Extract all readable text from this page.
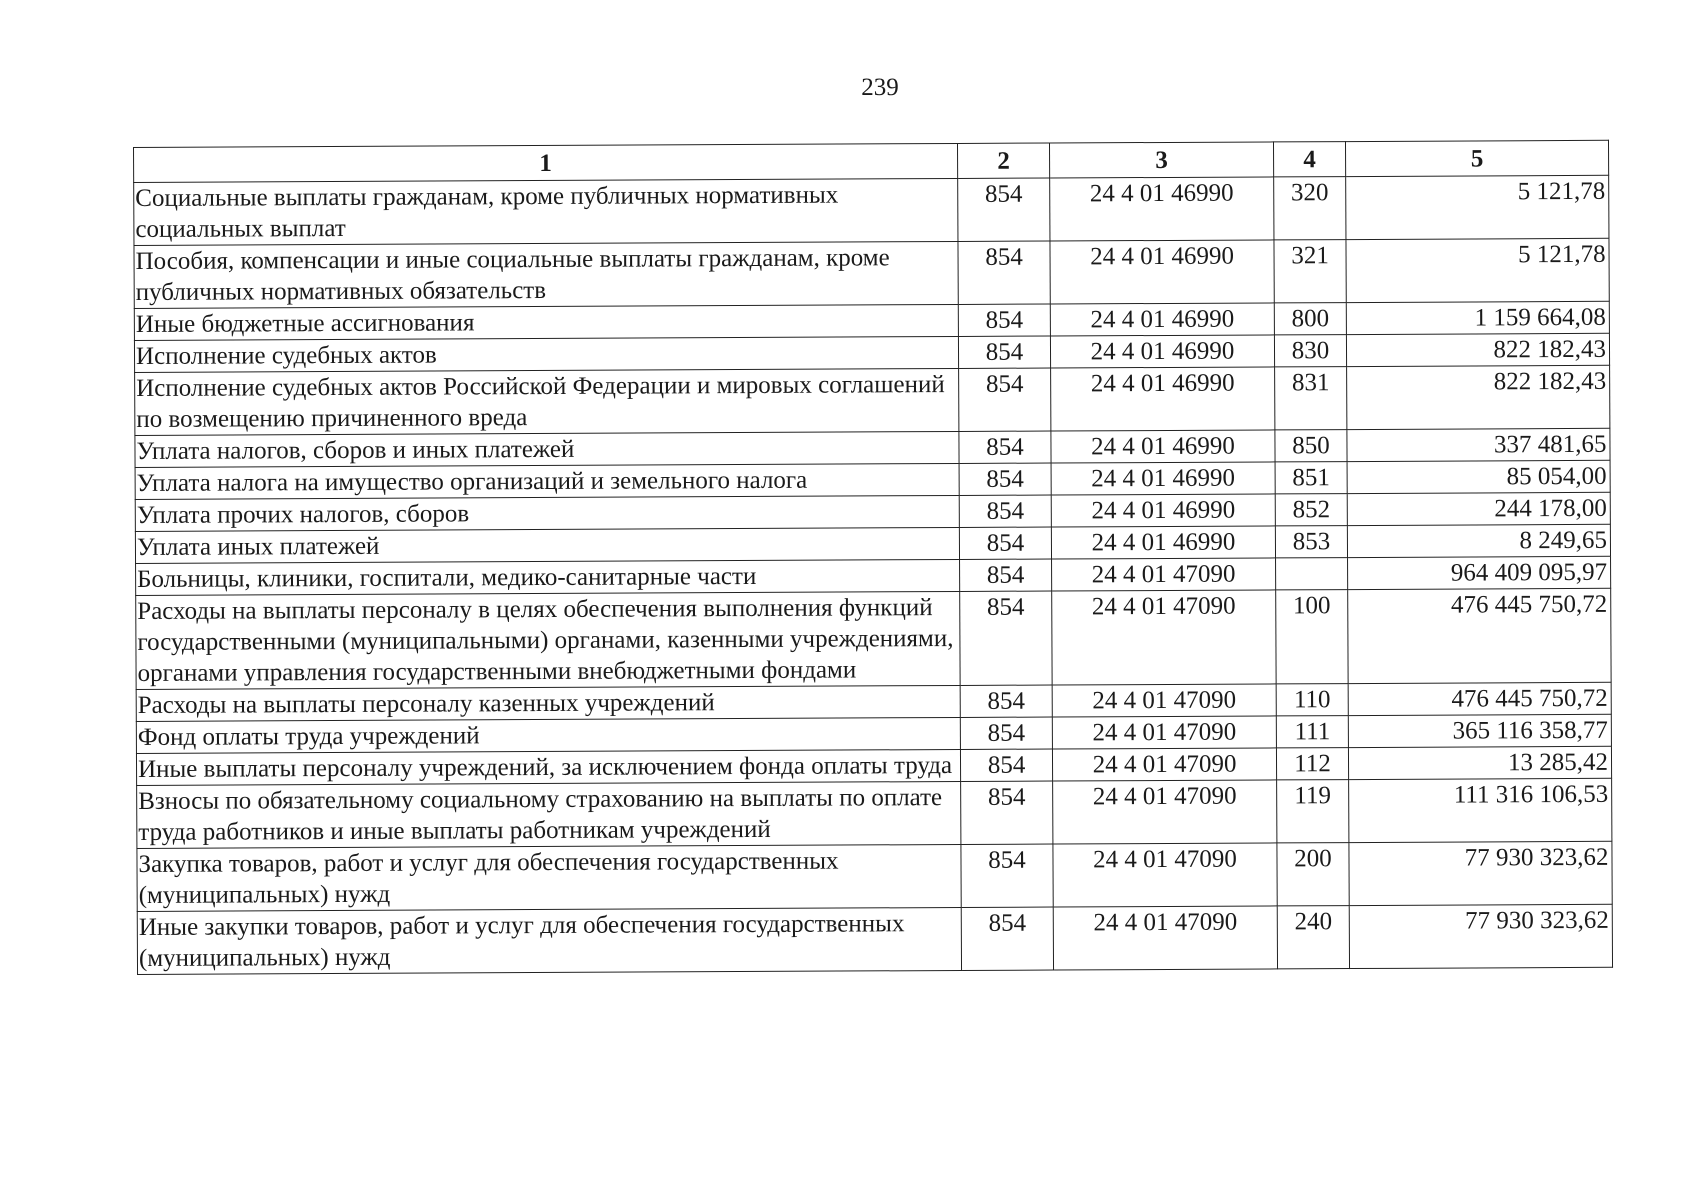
239
1	2	3	4	5
Социальные выплаты гражданам, кроме публичных нормативных социальных выплат	854	24 4 01 46990	320	5 121,78
Пособия, компенсации и иные социальные выплаты гражданам, кроме публичных нормативных обязательств	854	24 4 01 46990	321	5 121,78
Иные бюджетные ассигнования	854	24 4 01 46990	800	1 159 664,08
Исполнение судебных актов	854	24 4 01 46990	830	822 182,43
Исполнение судебных актов Российской Федерации и мировых соглашений по возмещению причиненного вреда	854	24 4 01 46990	831	822 182,43
Уплата налогов, сборов и иных платежей	854	24 4 01 46990	850	337 481,65
Уплата налога на имущество организаций и земельного налога	854	24 4 01 46990	851	85 054,00
Уплата прочих налогов, сборов	854	24 4 01 46990	852	244 178,00
Уплата иных платежей	854	24 4 01 46990	853	8 249,65
Больницы, клиники, госпитали, медико-санитарные части	854	24 4 01 47090		964 409 095,97
Расходы на выплаты персоналу в целях обеспечения выполнения функций государственными (муниципальными) органами, казенными учреждениями, органами управления государственными внебюджетными фондами	854	24 4 01 47090	100	476 445 750,72
Расходы на выплаты персоналу казенных учреждений	854	24 4 01 47090	110	476 445 750,72
Фонд оплаты труда учреждений	854	24 4 01 47090	111	365 116 358,77
Иные выплаты персоналу учреждений, за исключением фонда оплаты труда	854	24 4 01 47090	112	13 285,42
Взносы по обязательному социальному страхованию на выплаты по оплате труда работников и иные выплаты работникам учреждений	854	24 4 01 47090	119	111 316 106,53
Закупка товаров, работ и услуг для обеспечения государственных (муниципальных) нужд	854	24 4 01 47090	200	77 930 323,62
Иные закупки товаров, работ и услуг для обеспечения государственных (муниципальных) нужд	854	24 4 01 47090	240	77 930 323,62
